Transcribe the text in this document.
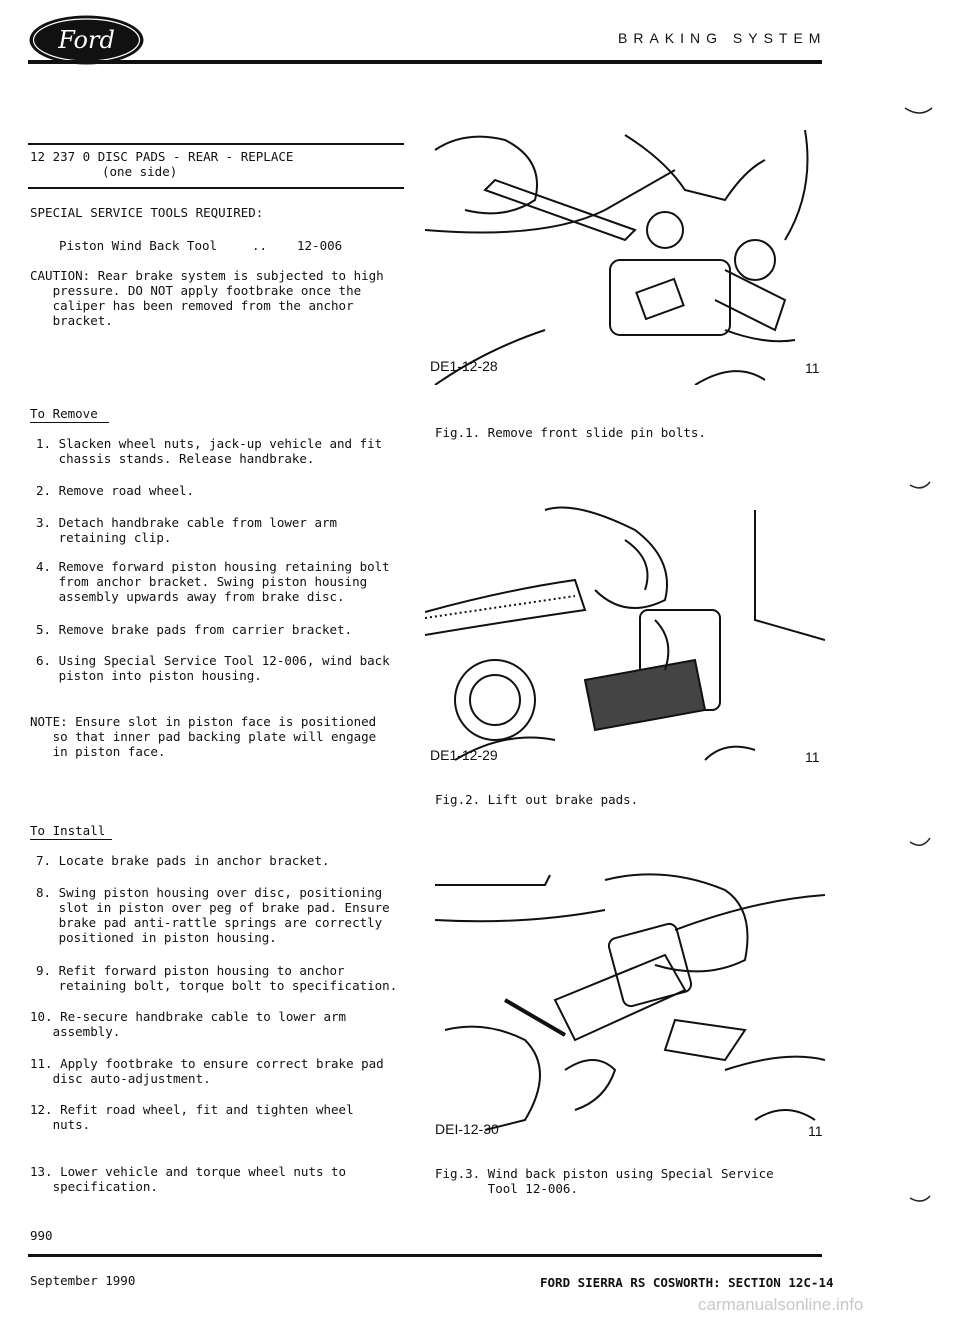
Ford	BRAKING SYSTEM
12 237 0 DISC PADS - REAR - REPLACE
(one side)
SPECIAL SERVICE TOOLS REQUIRED:
Piston Wind Back Tool	.. 12-006
CAUTION: Rear brake system is subjected to high
pressure. DO NOT apply footbrake once the
caliper has been removed from the anchor
bracket.
To Remove
1. Slacken wheel nuts, jack-up vehicle and fit
chassis stands. Release handbrake.
2. Remove road wheel.
3. Detach handbrake cable from lower arm
retaining clip.
4. Remove forward piston housing retaining bolt
from anchor bracket. Swing piston housing
assembly upwards away from brake disc.
5. Remove brake pads from carrier bracket.
6. Using Special Service Tool 12-006, wind back
piston into piston housing.
NOTE: Ensure slot in piston face is positioned
so that inner pad backing plate will engage
in piston face.
To Install
7. Locate brake pads in anchor bracket.
8. Swing piston housing over disc, positioning
slot in piston over peg of brake pad. Ensure
brake pad anti-rattle springs are correctly
positioned in piston housing.
9. Refit forward piston housing to anchor
retaining bolt, torque bolt to specification.
10. Re-secure handbrake cable to lower arm
assembly.
11. Apply footbrake to ensure correct brake pad
disc auto-adjustment.
12. Refit road wheel, fit and tighten wheel
nuts.
13. Lower vehicle and torque wheel nuts to
specification.
990
DE1-12-28	11
Fig.1. Remove front slide pin bolts.
DE1-12-29	11
Fig.2. Lift out brake pads.
DEI-12-30	11
Fig.3. Wind back piston using Special Service
Tool 12-006.
September 1990	FORD SIERRA RS COSWORTH: SECTION 12C-14
carmanualsonline.info
